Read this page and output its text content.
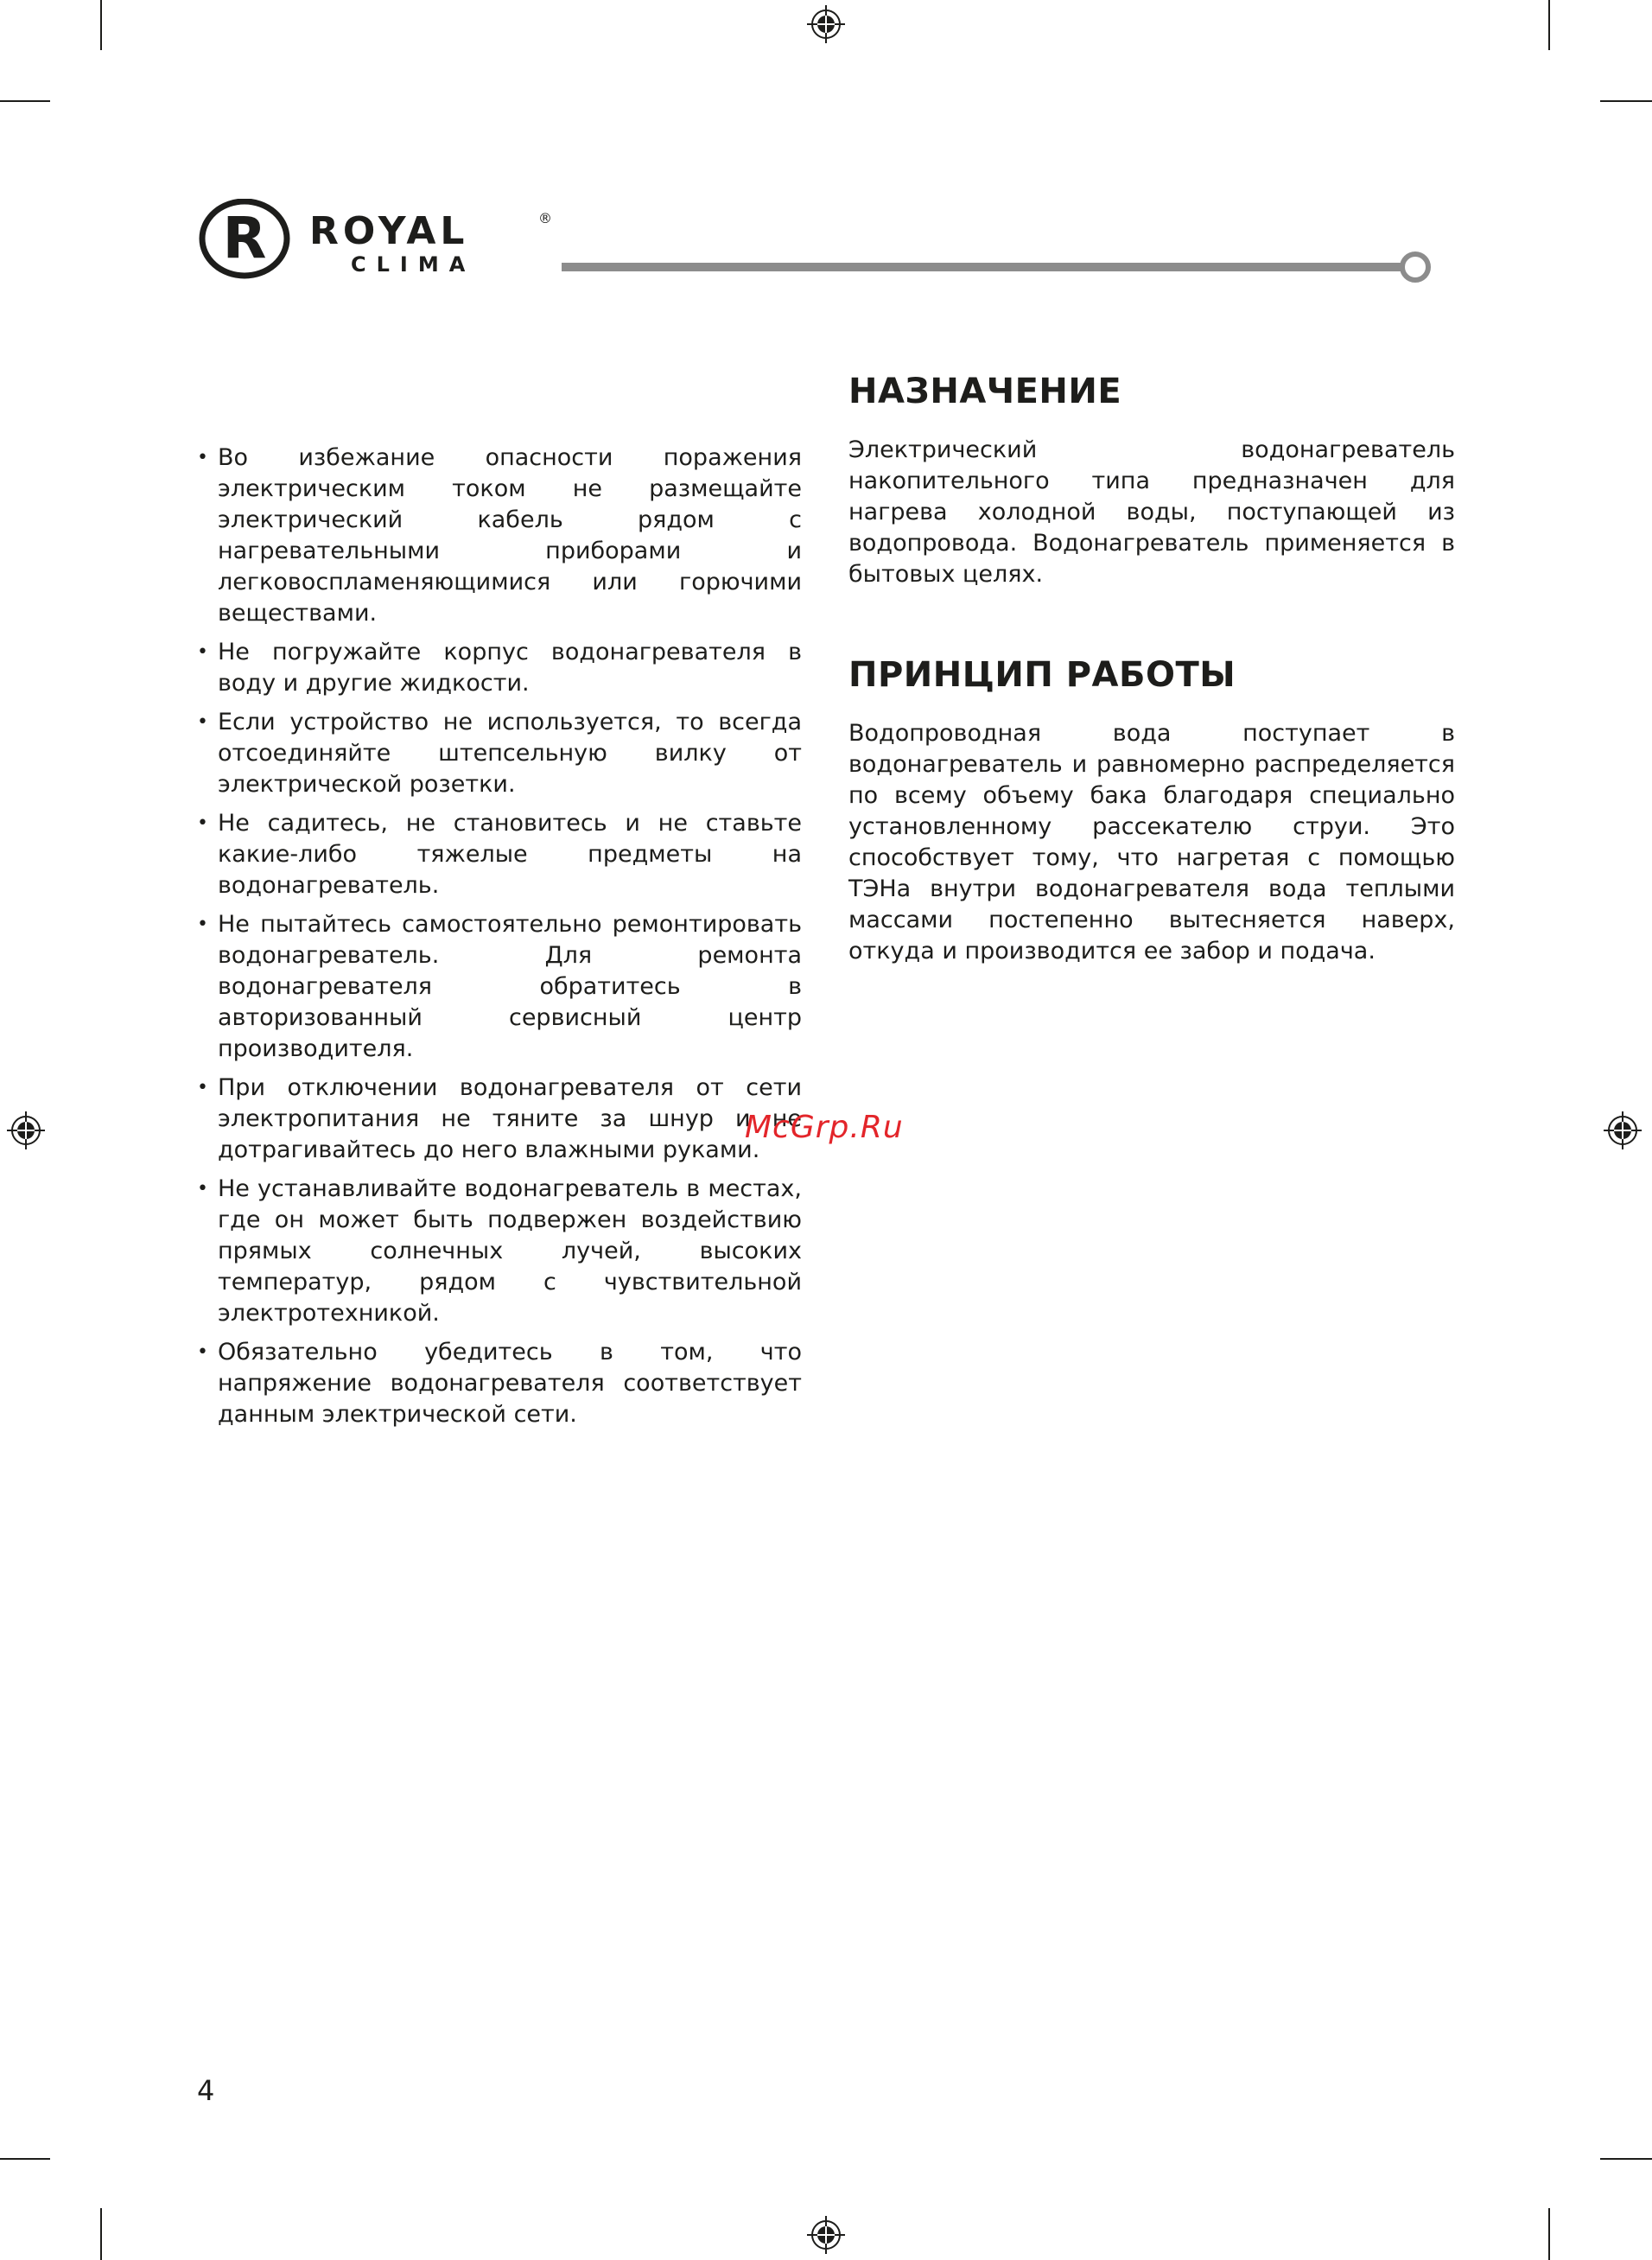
R ROYAL	®
CLIMA
• Во избежание опасности поражения электрическим током не размещайте электрический кабель рядом с нагревательными приборами и легковоспламеняющимися или горючими веществами.
• Не погружайте корпус водонагревателя в воду и другие жидкости.
• Если устройство не используется, то всегда отсоединяйте штепсельную вилку от электрической розетки.
• Не садитесь, не становитесь и не ставьте какие-либо тяжелые предметы на водонагреватель.
• Не пытайтесь самостоятельно ремонтировать водонагреватель. Для ремонта водонагревателя обратитесь в авторизованный сервисный центр производителя.
• При отключении водонагревателя от сети электропитания не тяните за шнур и не дотрагивайтесь до него влажными руками.
• Не устанавливайте водонагреватель в местах, где он может быть подвержен воздействию прямых солнечных лучей, высоких температур, рядом с чувствительной электротехникой.
• Обязательно убедитесь в том, что напряжение водонагревателя соответствует данным электрической сети.
НАЗНАЧЕНИЕ

Электрический водонагреватель накопительного типа предназначен для нагрева холодной воды, поступающей из водопровода. Водонагреватель применяется в бытовых целях.

ПРИНЦИП РАБОТЫ

Водопроводная вода поступает в водонагреватель и равномерно распределяется по всему объему бака благодаря специально установленному рассекателю струи. Это способствует тому, что нагретая с помощью ТЭНа внутри водонагревателя вода теплыми массами постепенно вытесняется наверх, откуда и производится ее забор и подача.

McGrp.Ru
4
